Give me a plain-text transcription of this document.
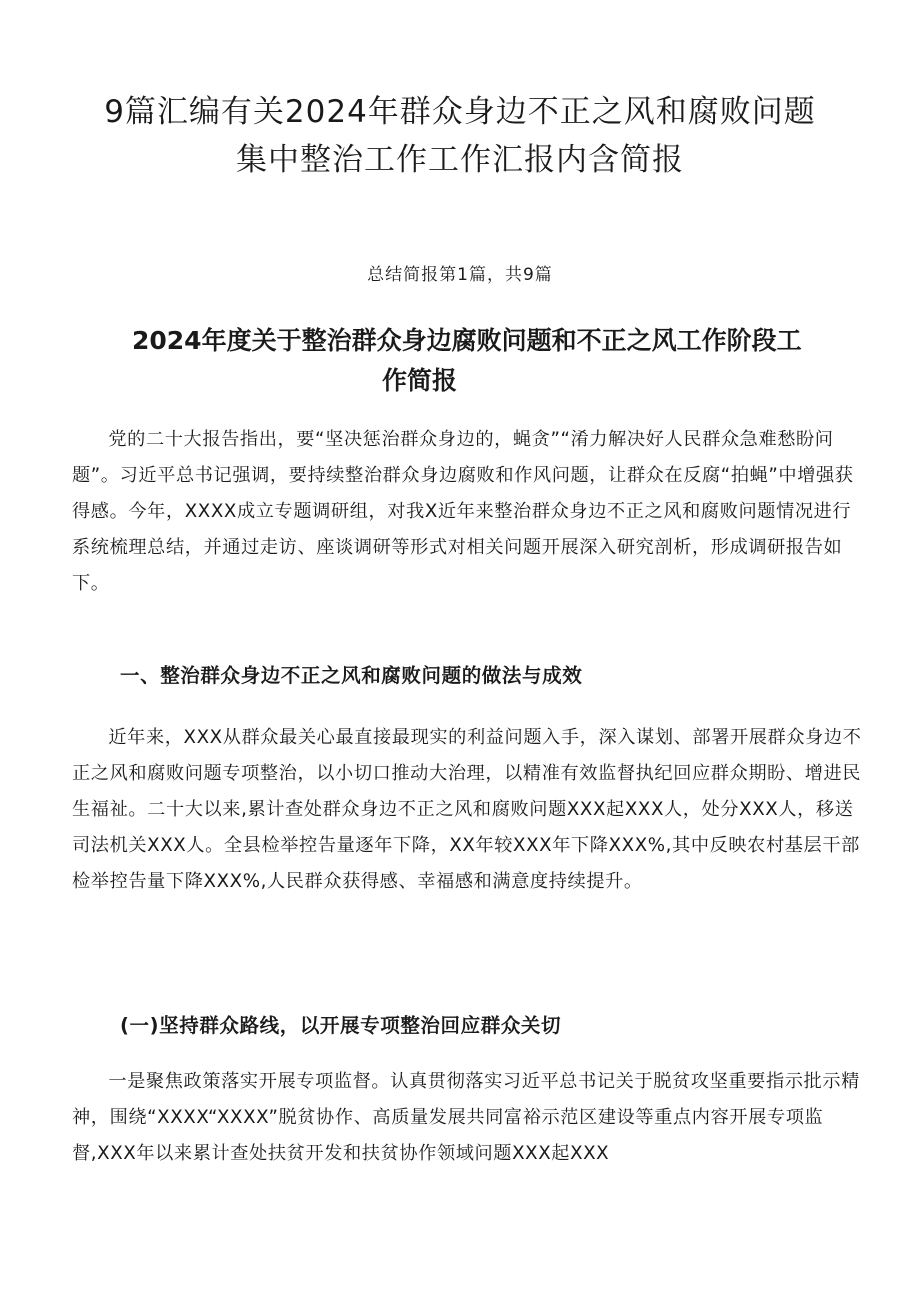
9篇汇编有关2024年群众身边不正之风和腐败问题
集中整治工作工作汇报内含简报
总结简报第1篇，共9篇
2024年度关于整治群众身边腐败问题和不正之风工作阶段工
作简报

党的二十大报告指出，要“坚决惩治群众身边的，蝇贪”“淆力解决好人民群众急难愁盼问题”。习近平总书记强调，要持续整治群众身边腐败和作风问题，让群众在反腐“拍蝇”中增强获得感。今年，XXXX成立专题调研组，对我X近年来整治群众身边不正之风和腐败问题情况进行系统梳理总结，并通过走访、座谈调研等形式对相关问题开展深入研究剖析，形成调研报告如下。

一、整治群众身边不正之风和腐败问题的做法与成效

近年来，XXX从群众最关心最直接最现实的利益问题入手，深入谋划、部署开展群众身边不正之风和腐败问题专项整治，以小切口推动大治理，以精准有效监督执纪回应群众期盼、增进民生福祉。二十大以来,累计查处群众身边不正之风和腐败问题XXX起XXX人，处分XXX人，移送司法机关XXX人。全县检举控告量逐年下降，XX年较XXX年下降XXX%,其中反映农村基层干部检举控告量下降XXX%,人民群众获得感、幸福感和满意度持续提升。

(一)坚持群众路线，以开展专项整治回应群众关切

一是聚焦政策落实开展专项监督。认真贯彻落实习近平总书记关于脱贫攻坚重要指示批示精神，围绕“XXXX“XXXX”脱贫协作、高质量发展共同富裕示范区建设等重点内容开展专项监督,XXX年以来累计查处扶贫开发和扶贫协作领域问题XXX起XXX
